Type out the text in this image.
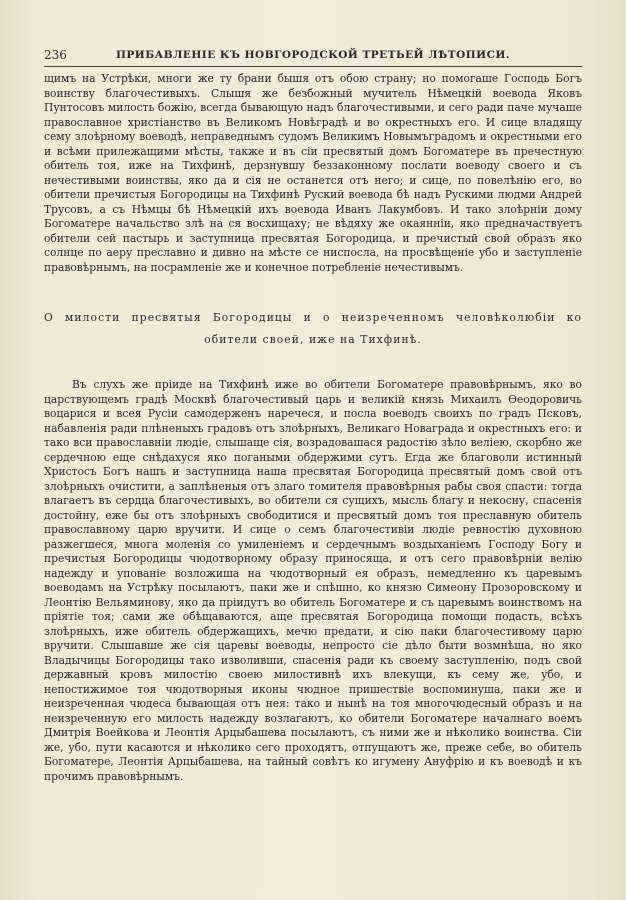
236	ПРИБАВЛЕНІЕ КЪ НОВГОРОДСКОЙ ТРЕТЬЕЙ ЛѢТОПИСИ.
щимъ на Устрѣки, многи же ту брани бышя отъ обою страну; но помогаше Господь Богъ воинству благочестивыхъ. Слышя же безбожный мучитель Нѣмецкiй воевода Яковъ Пунтосовъ милость божiю, всегда бывающую надъ благочестивыми, и сего ради паче мучаше православное христiанство въ Великомъ Новѣградѣ и во окрестныхъ его. И сице владящу сему злоѣрному воеводѣ, неправеднымъ судомъ Великимъ Новымъградомъ и окрестными его и всѣми прилежащими мѣсты, также и въ сiи пресвятый домъ Богоматере въ пречестную обитель тоя, иже на Тихфинѣ, дерзнувшу беззаконному послати воеводу своего и съ нечестивыми воинствы, яко да и сiя не останется отъ него; и сице, по повелѣнiю его, во обители пречистыя Богородицы на Тихфинѣ Руский воевода бѣ надъ Рускими людми Андрей Трусовъ, а съ Нѣмцы бѣ Нѣмецкiй ихъ воевода Иванъ Лакумбовъ. И тако злоѣрнiи дому Богоматере начальство злѣ на ся восхищаху; не вѣдяху же окаяннiи, яко предначаствуетъ обители сей пастырь и заступница пресвятая Богородица, и пречистый свой образъ яко солнце по аеру преславно и дивно на мѣсте се ниспосла, на просвѣщенiе убо и заступленiе правовѣрнымъ, на посрамленiе же и конечное потребленiе нечестивымъ.
О милости пресвятыя Богородицы и о неизреченномъ человѣколюбiи ко обители своей, иже на Тихфинѣ.
Въ слухъ же прiиде на Тихфинѣ иже во обители Богоматере правовѣрнымъ, яко во царствующемъ градѣ Москвѣ благочестивый царь и великiй князь Михаилъ Ѳеодоровичь воцарися и всея Русiи самодерженъ наречеся, и посла воеводъ своихъ по градъ Псковъ, набавленiя ради плѣненыхъ градовъ отъ злоѣрныхъ, Великаго Новаграда и окрестныхъ его: и тако вси православнiи людiе, слышаще сiя, возрадовашася радостiю зѣло велiею, скорбно же сердечною еще снѣдахуся яко погаными обдержими сутъ. Егда же благоволи истинный Христосъ Богъ нашъ и заступница наша пресвятая Богородица пресвятый домъ свой отъ злоѣрныхъ очистити, а заплѣненыя отъ злаго томителя правовѣрныя рабы своя спасти: тогда влагаетъ въ сердца благочестивыхъ, во обители ся сущихъ, мысль благу и некосну, спасенiя достойну, еже бы отъ злоѣрныхъ свободитися и пресвятый домъ тоя преславную обитель православному царю вручити. И сице о семъ благочестивiи людiе ревностiю духовною разжегшеся, многа моленiя со умиленiемъ и сердечнымъ воздыханiемъ Господу Богу и пречистыя Богородицы чюдотворному образу приносяща, и отъ сего правовѣрнiи велiю надежду и упованiе возложиша на чюдотворный ея образъ, немедленно къ царевымъ воеводамъ на Устрѣку посылаютъ, паки же и спѣшно, ко князю Симеону Прозоровскому и Леонтiю Вельяминову, яко да прiидутъ во обитель Богоматере и съ царевымъ воинствомъ на прiятiе тоя; сами же обѣщаваются, аще пресвятая Богородица помощи подасть, всѣхъ злоѣрныхъ, иже обитель обдержащихъ, мечю предати, и сiю паки благочестивому царю вручити. Слышавше же сiя царевы воеводы, непросто сiе дѣло быти возмнѣша, но яко Владычицы Богородицы тако изволивши, спасенiя ради къ своему заступленiю, подъ свой державный кровъ милостiю своею милостивнѣ ихъ влекущи, къ сему же, убо, и непостижимое тоя чюдотворныя иконы чюдное пришествiе воспоминуша, паки же и неизреченная чюдеса бывающая отъ нея: тако и нынѣ на тоя многочюдесный образъ и на неизреченную его милость надежду возлагаютъ, ко обители Богоматере началнаго воемъ Дмитрiя Воейкова и Леонтiя Арцыбашева посылаютъ, съ ними же и нѣколико воинства. Сiи же, убо, пути касаются и нѣколико сего проходятъ, отпущаютъ же, преже себе, во обитель Богоматере, Леонтiя Арцыбашева, на тайный совѣтъ ко игумену Ануфрiю и къ воеводѣ и къ прочимъ правовѣрнымъ.
